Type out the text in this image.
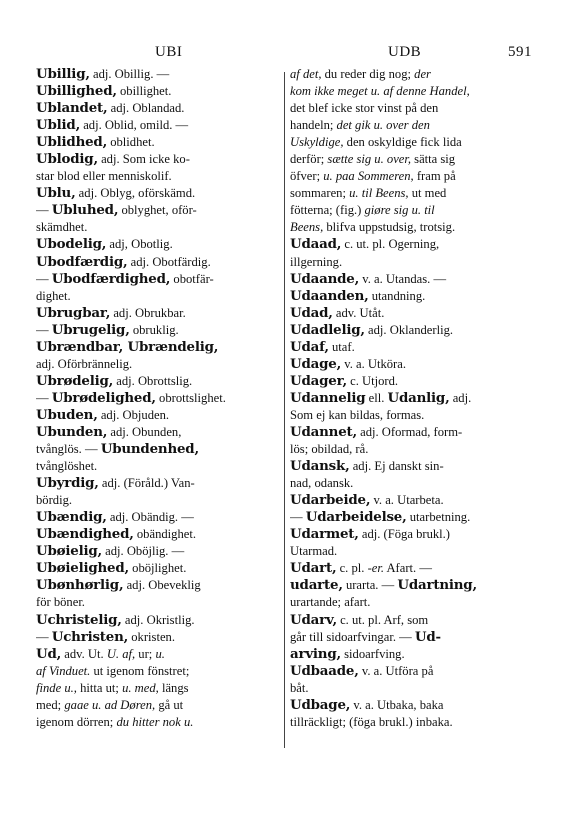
UBI	UDB	591
Ubillig, adj. Obillig. —
Ubillighed, obillighet.
Ublandet, adj. Oblandad.
Ublid, adj. Oblid, omild. —
Ublidhed, oblidhet.
Ublodig, adj. Som icke ko-
star blod eller menniskolif.
Ublu, adj. Oblyg, oförskämd.
— Ubluhed, oblyghet, oför-
skämdhet.
Ubodelig, adj, Obotlig.
Ubodfærdig, adj. Obotfärdig.
— Ubodfærdighed, obotfär-
dighet.
Ubrugbar, adj. Obrukbar.
— Ubrugelig, obruklig.
Ubrændbar, Ubrændelig,
adj. Oförbrännelig.
Ubrødelig, adj. Obrottslig.
— Ubrødelighed, obrottslighet.
Ubuden, adj. Objuden.
Ubunden, adj. Obunden,
tvånglös. — Ubundenhed,
tvånglöshet.
Ubyrdig, adj. (Föråld.) Van-
bördig.
Ubændig, adj. Obändig. —
Ubændighed, obändighet.
Ubøielig, adj. Oböjlig. —
Ubøielighed, oböjlighet.
Ubønhørlig, adj. Obeveklig
för böner.
Uchristelig, adj. Okristlig.
— Uchristen, okristen.
Ud, adv. Ut. U. af, ur; u.
af Vinduet. ut igenom fönstret;
finde u., hitta ut; u. med, längs
med; gaae u. ad Døren, gå ut
igenom dörren; du hitter nok u.
af det, du reder dig nog; der
kom ikke meget u. af denne Handel,
det blef icke stor vinst på den
handeln; det gik u. over den
Uskyldige, den oskyldige fick lida
derför; sætte sig u. over, sätta sig
öfver; u. paa Sommeren, fram på
sommaren; u. til Beens, ut med
fötterna; (fig.) giøre sig u. til
Beens, blifva uppstudsig, trotsig.
Udaad, c. ut. pl. Ogerning,
illgerning.
Udaande, v. a. Utandas. —
Udaanden, utandning.
Udad, adv. Utåt.
Udadlelig, adj. Oklanderlig.
Udaf, utaf.
Udage, v. a. Utköra.
Udager, c. Utjord.
Udannelig ell. Udanlig, adj.
Som ej kan bildas, formas.
Udannet, adj. Oformad, form-
lös; obildad, rå.
Udansk, adj. Ej danskt sin-
nad, odansk.
Udarbeide, v. a. Utarbeta.
— Udarbeidelse, utarbetning.
Udarmet, adj. (Föga brukl.)
Utarmad.
Udart, c. pl. -er. Afart. —
udarte, urarta. — Udartning,
urartande; afart.
Udarv, c. ut. pl. Arf, som
går till sidoarfvingar. — Ud-
arving, sidoarfving.
Udbaade, v. a. Utföra på
båt.
Udbage, v. a. Utbaka, baka
tillräckligt; (föga brukl.) inbaka.
